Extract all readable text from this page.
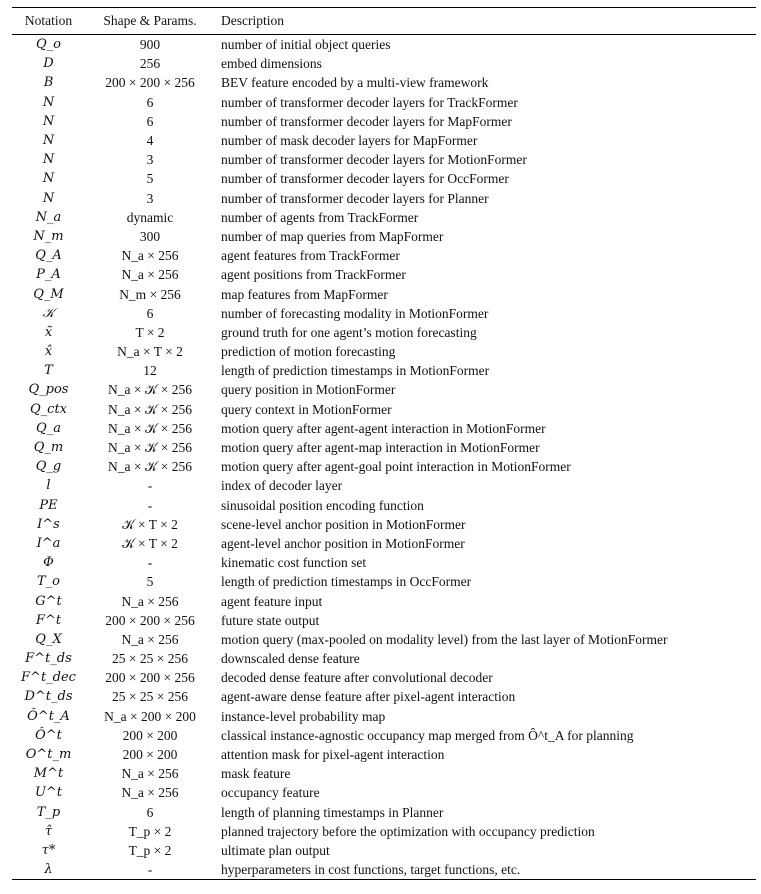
Notation	Shape & Params.	Description
Q_o	900	number of initial object queries
D	256	embed dimensions
B	200 × 200 × 256	BEV feature encoded by a multi-view framework
N	6	number of transformer decoder layers for TrackFormer
N	6	number of transformer decoder layers for MapFormer
N	4	number of mask decoder layers for MapFormer
N	3	number of transformer decoder layers for MotionFormer
N	5	number of transformer decoder layers for OccFormer
N	3	number of transformer decoder layers for Planner
N_a	dynamic	number of agents from TrackFormer
N_m	300	number of map queries from MapFormer
Q_A	N_a × 256	agent features from TrackFormer
P_A	N_a × 256	agent positions from TrackFormer
Q_M	N_m × 256	map features from MapFormer
𝒦	6	number of forecasting modality in MotionFormer
x̃	T × 2	ground truth for one agent’s motion forecasting
x̂	N_a × T × 2	prediction of motion forecasting
T	12	length of prediction timestamps in MotionFormer
Q_pos	N_a × 𝒦 × 256	query position in MotionFormer
Q_ctx	N_a × 𝒦 × 256	query context in MotionFormer
Q_a	N_a × 𝒦 × 256	motion query after agent-agent interaction in MotionFormer
Q_m	N_a × 𝒦 × 256	motion query after agent-map interaction in MotionFormer
Q_g	N_a × 𝒦 × 256	motion query after agent-goal point interaction in MotionFormer
l	-	index of decoder layer
PE	-	sinusoidal position encoding function
I^s	𝒦 × T × 2	scene-level anchor position in MotionFormer
I^a	𝒦 × T × 2	agent-level anchor position in MotionFormer
Φ	-	kinematic cost function set
T_o	5	length of prediction timestamps in OccFormer
G^t	N_a × 256	agent feature input
F^t	200 × 200 × 256	future state output
Q_X	N_a × 256	motion query (max-pooled on modality level) from the last layer of MotionFormer
F^t_ds	25 × 25 × 256	downscaled dense feature
F^t_dec	200 × 200 × 256	decoded dense feature after convolutional decoder
D^t_ds	25 × 25 × 256	agent-aware dense feature after pixel-agent interaction
Ô^t_A	N_a × 200 × 200	instance-level probability map
Ô^t	200 × 200	classical instance-agnostic occupancy map merged from Ô^t_A for planning
O^t_m	200 × 200	attention mask for pixel-agent interaction
M^t	N_a × 256	mask feature
U^t	N_a × 256	occupancy feature
T_p	6	length of planning timestamps in Planner
τ̂	T_p × 2	planned trajectory before the optimization with occupancy prediction
τ*	T_p × 2	ultimate plan output
λ	-	hyperparameters in cost functions, target functions, etc.
